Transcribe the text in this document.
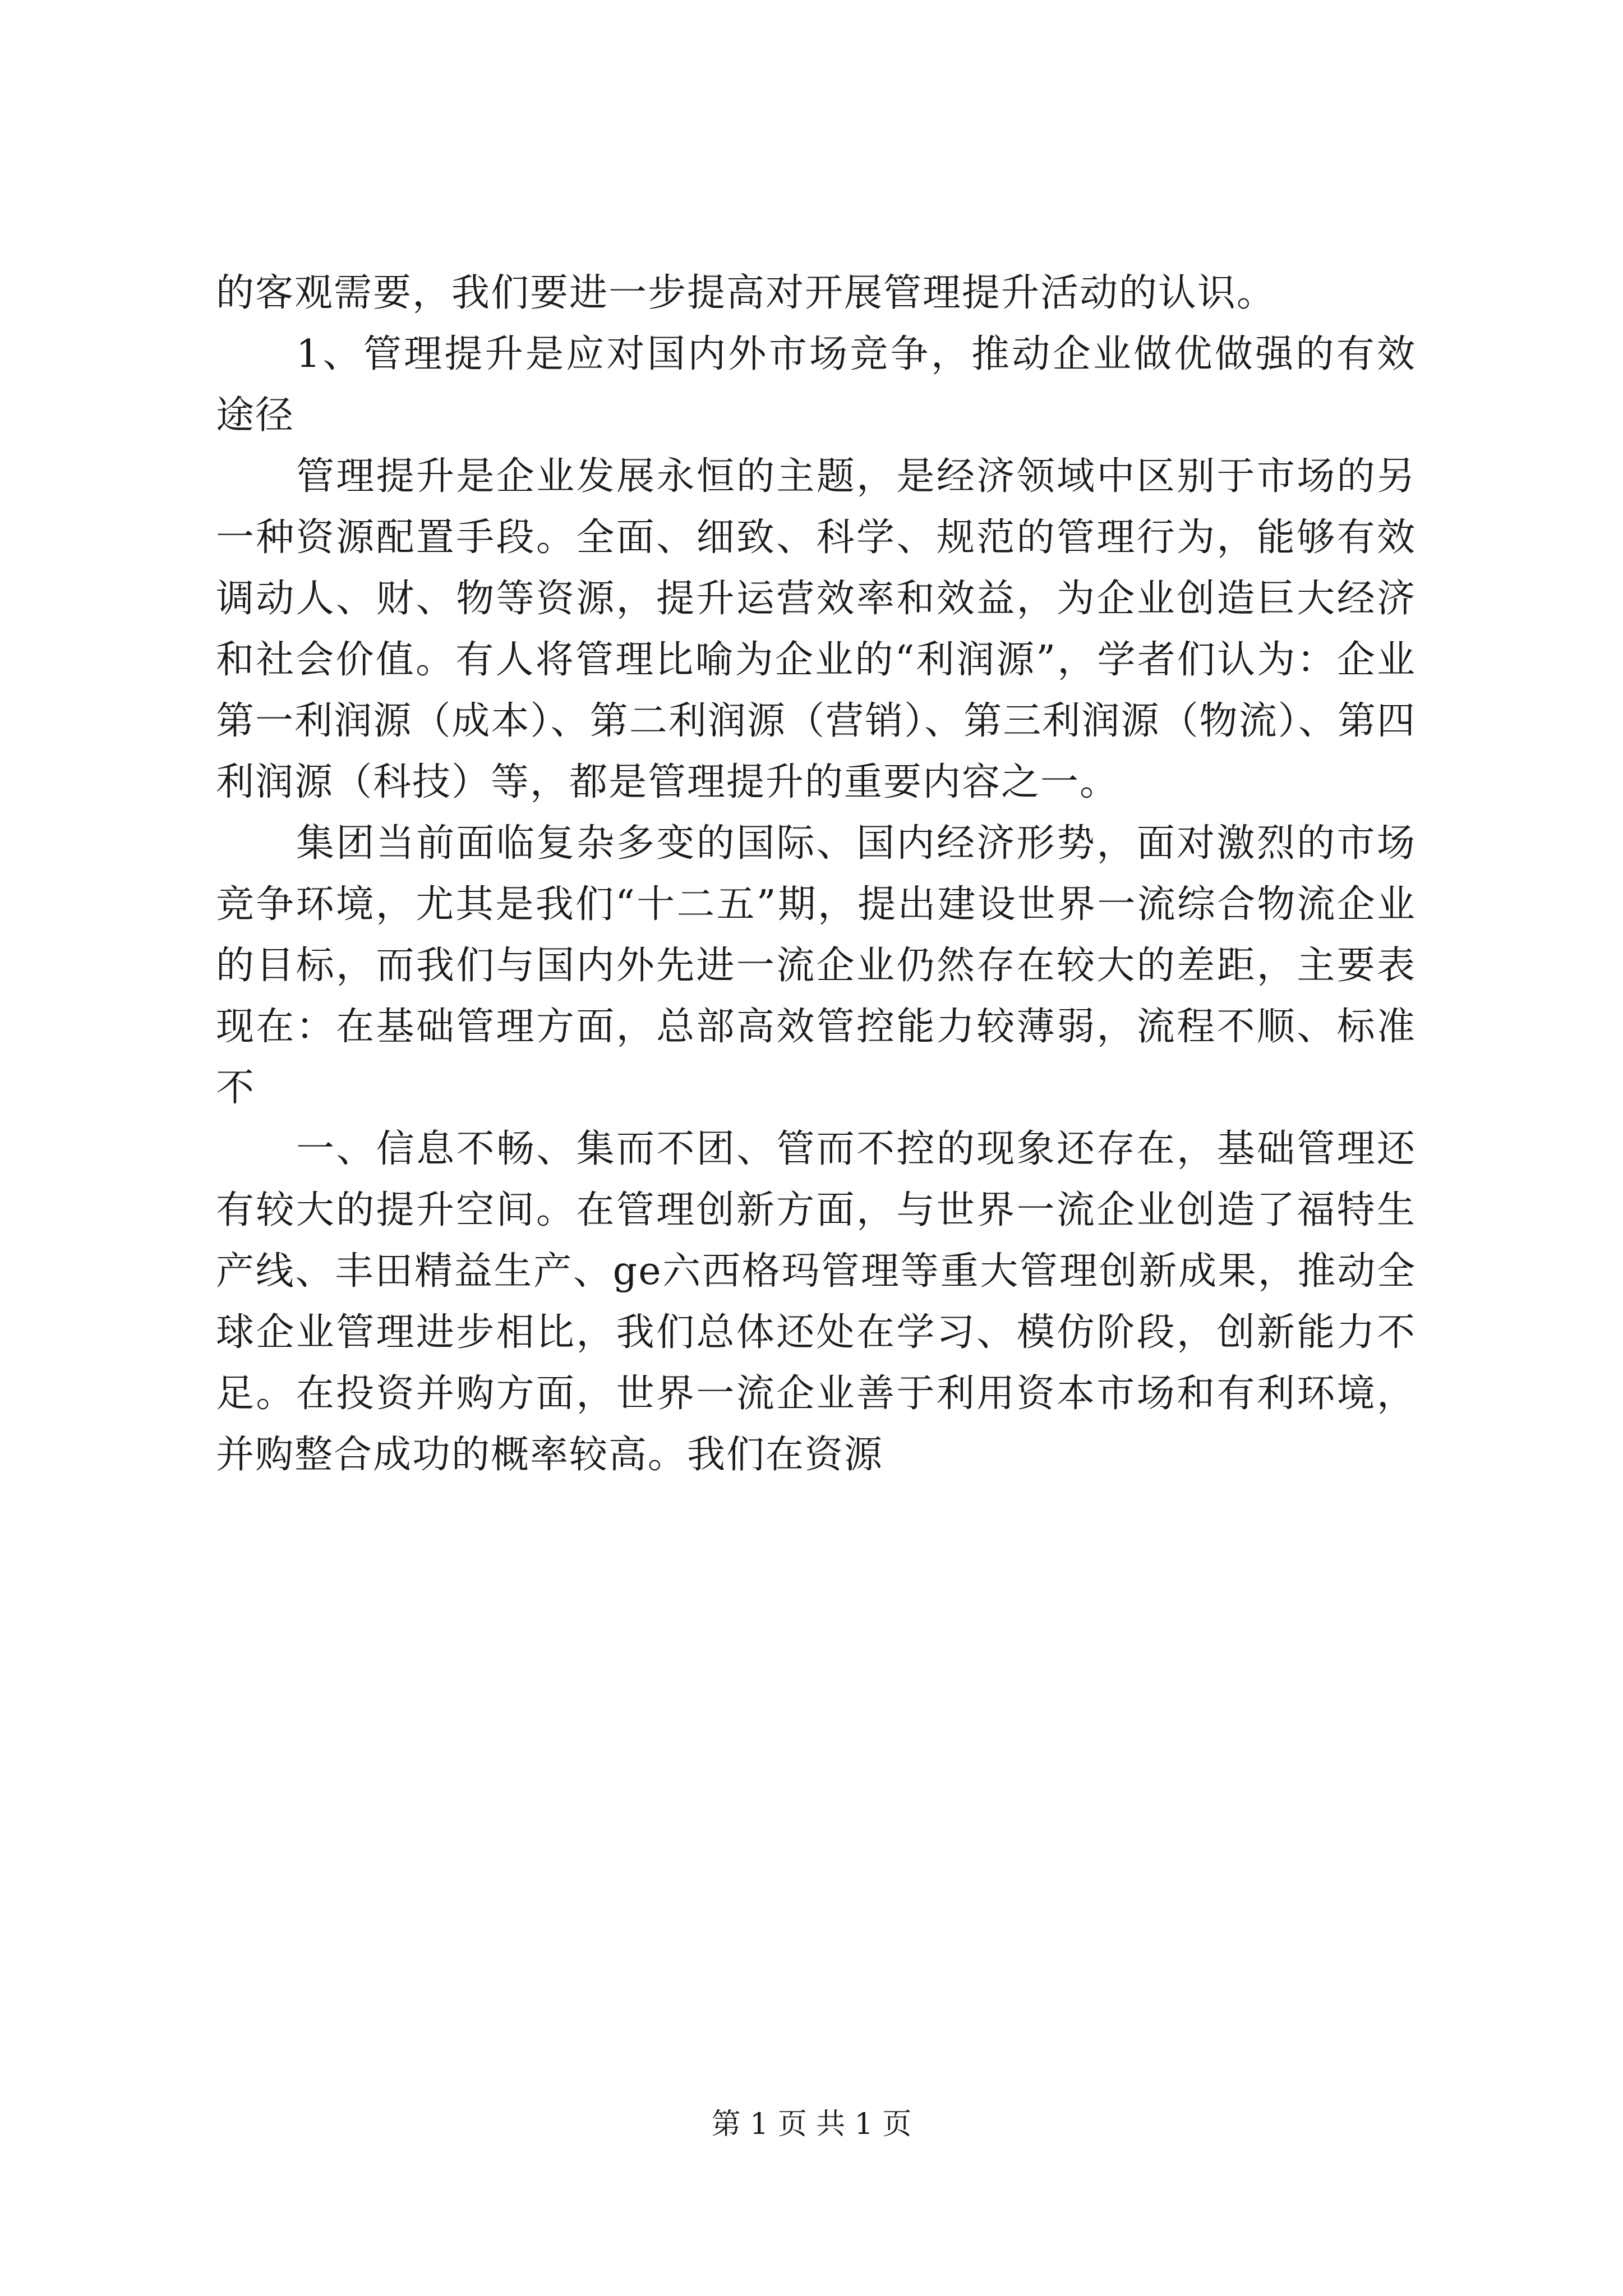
的客观需要，我们要进一步提高对开展管理提升活动的认识。

1、管理提升是应对国内外市场竞争，推动企业做优做强的有效途径

管理提升是企业发展永恒的主题，是经济领域中区别于市场的另一种资源配置手段。全面、细致、科学、规范的管理行为，能够有效调动人、财、物等资源，提升运营效率和效益，为企业创造巨大经济和社会价值。有人将管理比喻为企业的“利润源”，学者们认为：企业第一利润源（成本）、第二利润源（营销）、第三利润源（物流）、第四利润源（科技）等，都是管理提升的重要内容之一。

集团当前面临复杂多变的国际、国内经济形势，面对激烈的市场竞争环境，尤其是我们“十二五”期，提出建设世界一流综合物流企业的目标，而我们与国内外先进一流企业仍然存在较大的差距，主要表现在：在基础管理方面，总部高效管控能力较薄弱，流程不顺、标准不

一、信息不畅、集而不团、管而不控的现象还存在，基础管理还有较大的提升空间。在管理创新方面，与世界一流企业创造了福特生产线、丰田精益生产、ge六西格玛管理等重大管理创新成果，推动全球企业管理进步相比，我们总体还处在学习、模仿阶段，创新能力不足。在投资并购方面，世界一流企业善于利用资本市场和有利环境，并购整合成功的概率较高。我们在资源

第 1 页 共 1 页
